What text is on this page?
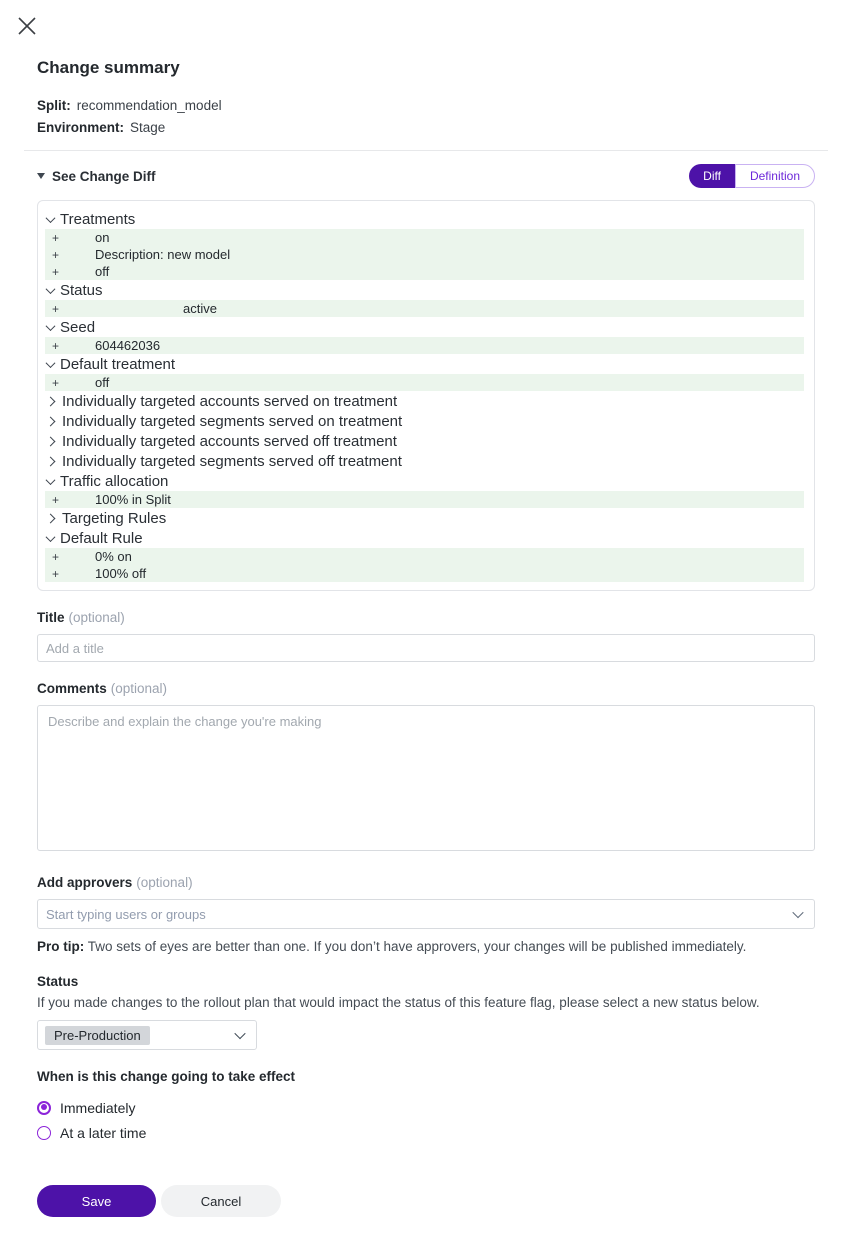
Change summary
Split: recommendation_model
Environment: Stage
See Change Diff	Diff	Definition
Treatments
+	on
+	Description: new model
+	off
Status
+	active
Seed
+	604462036
Default treatment
+	off
Individually targeted accounts served on treatment
Individually targeted segments served on treatment
Individually targeted accounts served off treatment
Individually targeted segments served off treatment
Traffic allocation
+	100% in Split
Targeting Rules
Default Rule
+	0% on
+	100% off
Title (optional)
Add a title
Comments (optional)
Describe and explain the change you're making
Add approvers (optional)
Start typing users or groups

Pro tip: Two sets of eyes are better than one. If you don’t have approvers, your changes will be published immediately.

Status

If you made changes to the rollout plan that would impact the status of this feature flag, please select a new status below.

Pre-Production
When is this change going to take effect
Immediately
At a later time
Save	Cancel
